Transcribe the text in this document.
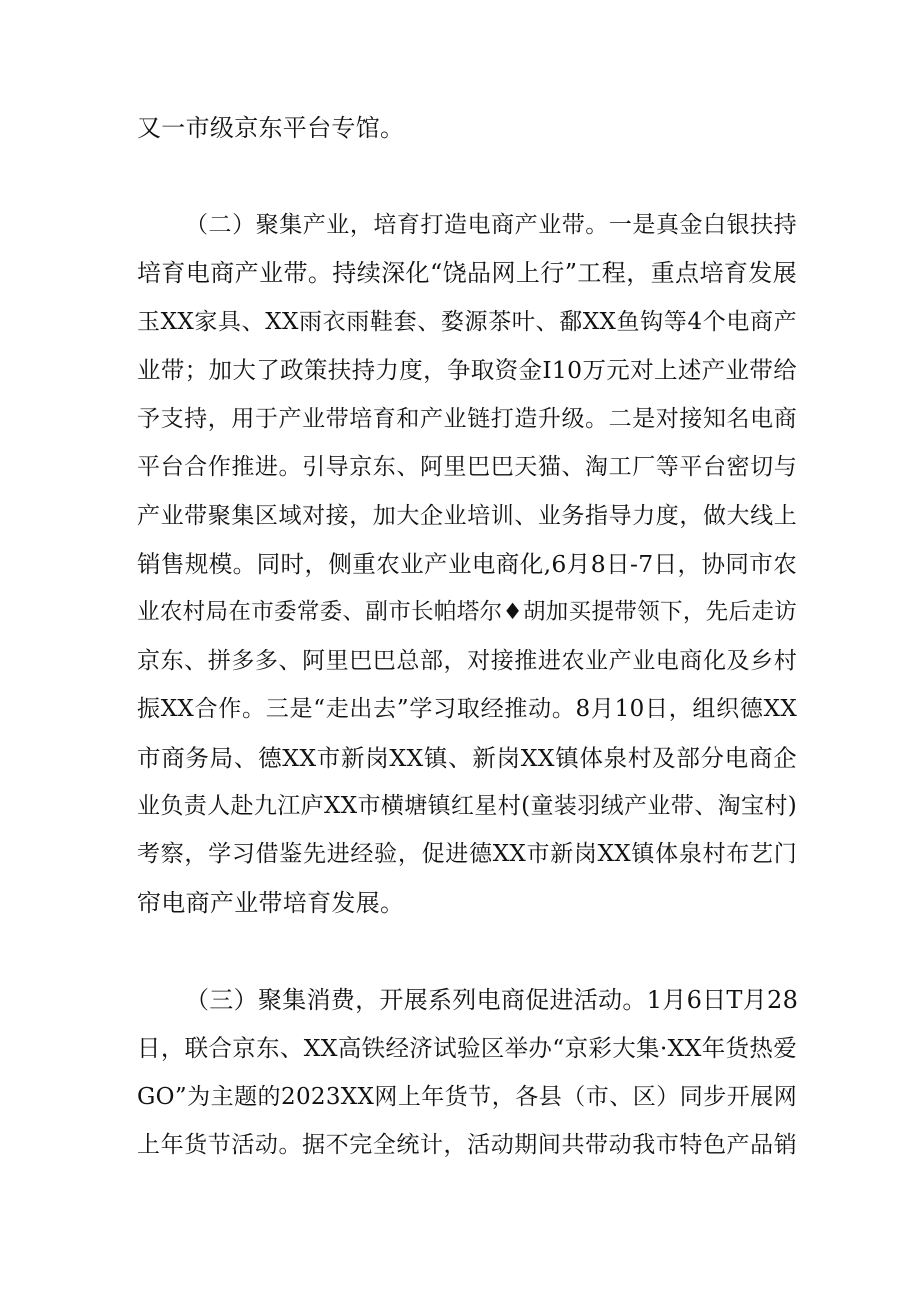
又一市级京东平台专馆。
（二）聚集产业，培育打造电商产业带。一是真金白银扶持
培育电商产业带。持续深化“饶品网上行”工程，重点培育发展
玉XX家具、XX雨衣雨鞋套、婺源茶叶、鄱XX鱼钩等4个电商产
业带；加大了政策扶持力度，争取资金I10万元对上述产业带给
予支持，用于产业带培育和产业链打造升级。二是对接知名电商
平台合作推进。引导京东、阿里巴巴天猫、淘工厂等平台密切与
产业带聚集区域对接，加大企业培训、业务指导力度，做大线上
销售规模。同时，侧重农业产业电商化,6月8日-7日，协同市农
业农村局在市委常委、副市长帕塔尔♦胡加买提带领下，先后走访
京东、拼多多、阿里巴巴总部，对接推进农业产业电商化及乡村
振XX合作。三是“走出去”学习取经推动。8月10日，组织德XX
市商务局、德XX市新岗XX镇、新岗XX镇体泉村及部分电商企
业负责人赴九江庐XX市横塘镇红星村(童装羽绒产业带、淘宝村)
考察，学习借鉴先进经验，促进德XX市新岗XX镇体泉村布艺门
帘电商产业带培育发展。
（三）聚集消费，开展系列电商促进活动。1月6日T月28
日，联合京东、XX高铁经济试验区举办“京彩大集·XX年货热爱
GO”为主题的2023XX网上年货节，各县（市、区）同步开展网
上年货节活动。据不完全统计，活动期间共带动我市特色产品销
